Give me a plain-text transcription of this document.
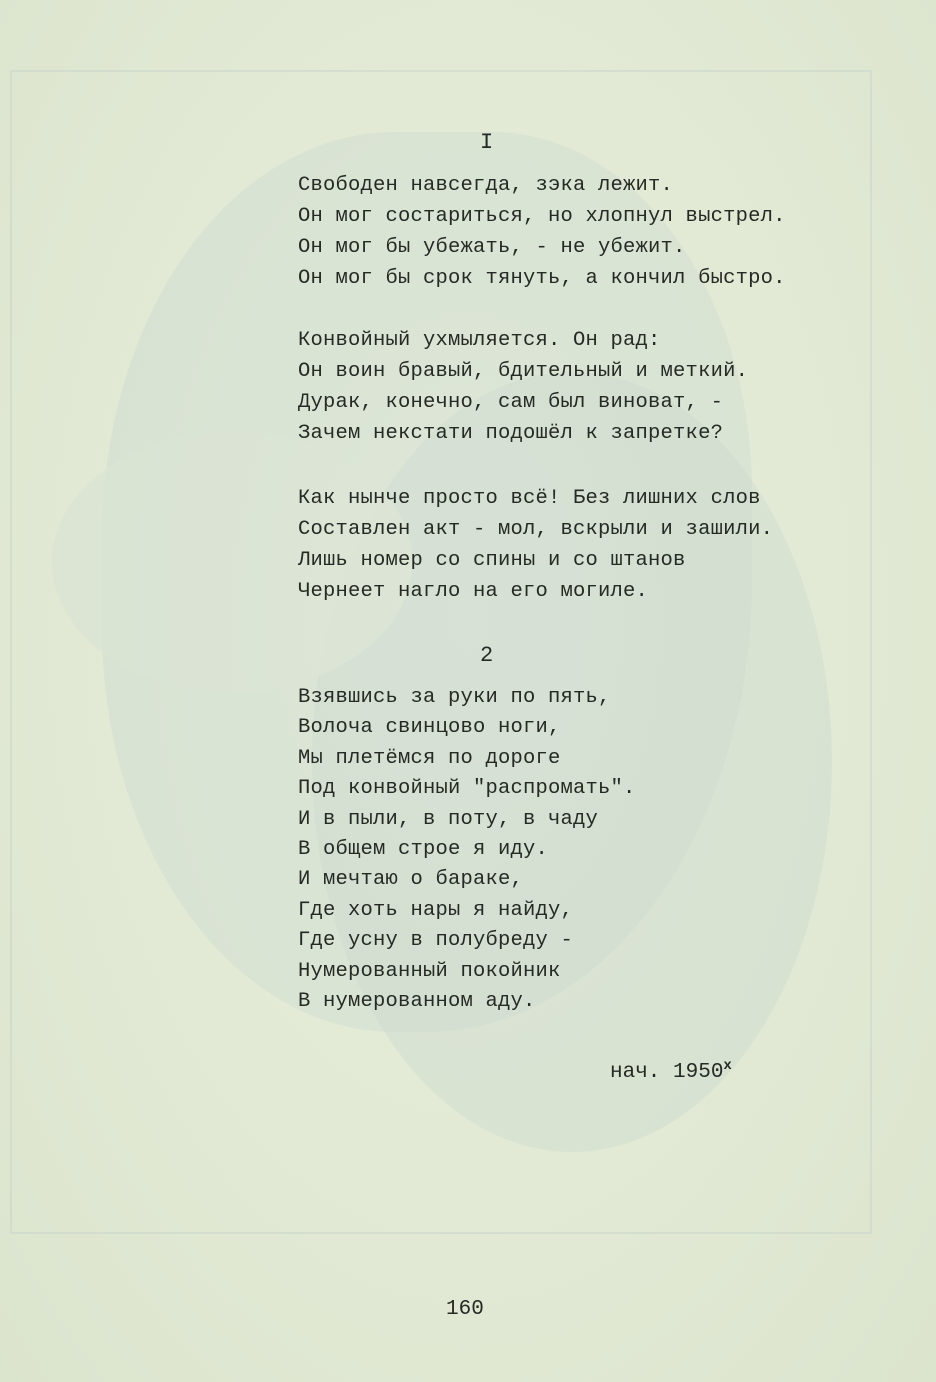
I
Свободен навсегда, зэка лежит.
Он мог состариться, но хлопнул выстрел.
Он мог бы убежать, - не убежит.
Он мог бы срок тянуть, а кончил быстро.
Конвойный ухмыляется. Он рад:
Он воин бравый, бдительный и меткий.
Дурак, конечно, сам был виноват, -
Зачем некстати подошёл к запретке?
Как нынче просто всё! Без лишних слов
Составлен акт - мол, вскрыли и зашили.
Лишь номер со спины и со штанов
Чернеет нагло на его могиле.
2
Взявшись за руки по пять,
Волоча свинцово ноги,
Мы плетёмся по дороге
Под конвойный "распромать".
И в пыли, в поту, в чаду
В общем строе я иду.
И мечтаю о бараке,
Где хоть нары я найду,
Где усну в полубреду -
Нумерованный покойник
В нумерованном аду.
нач. 1950$^x$
160
